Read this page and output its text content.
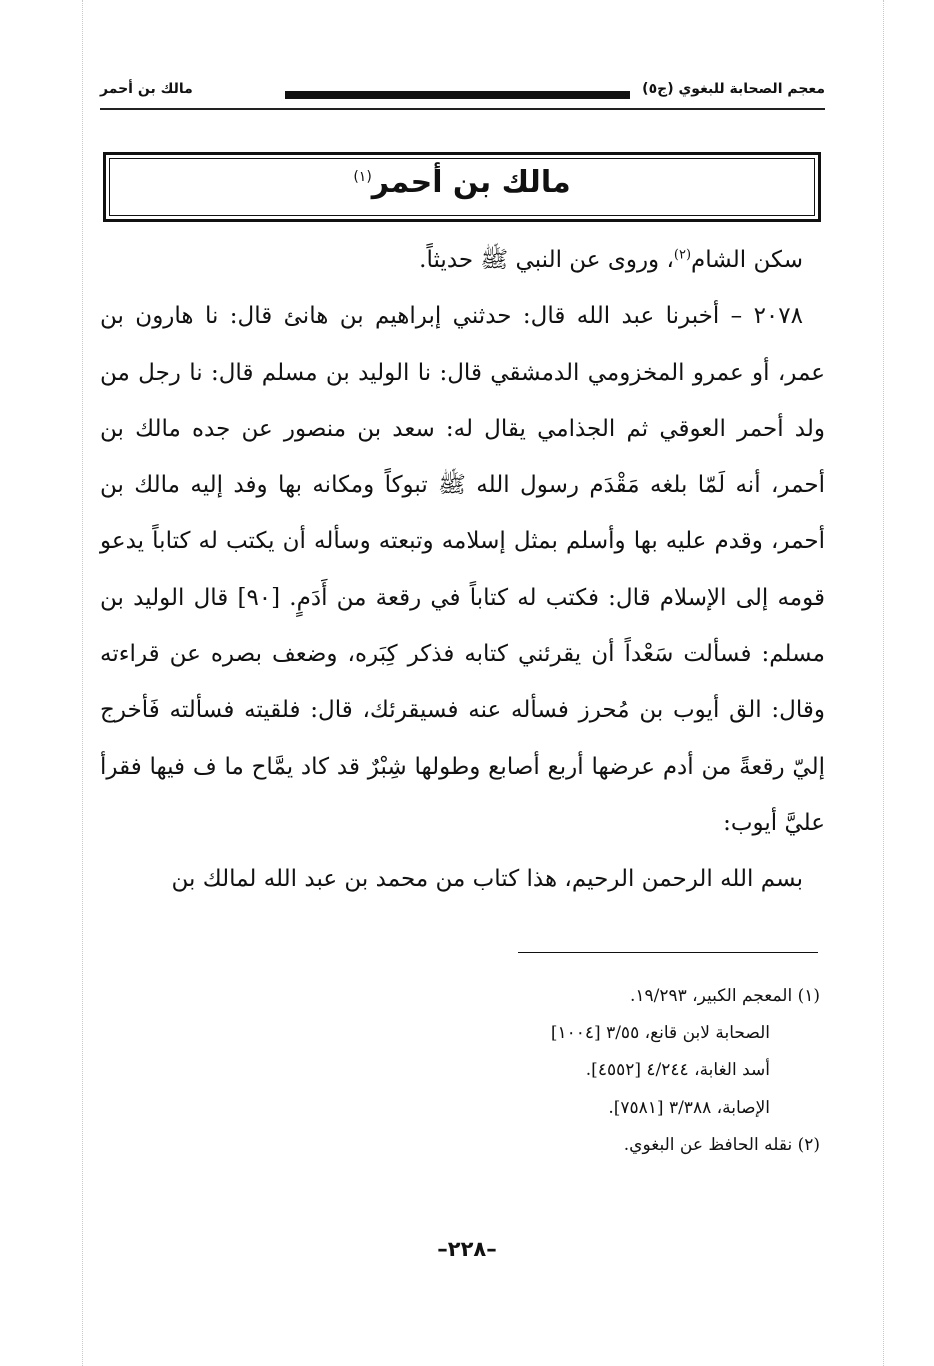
معجم الصحابة للبغوي (ج٥)
مالك بن أحمر
مالك بن أحمر$^{(١)}$

سكن الشام$^{(٢)}$، وروى عن النبي ﷺ حديثاً.

٢٠٧٨ – أخبرنا عبد الله قال: حدثني إبراهيم بن هانئ قال: نا هارون بن عمر، أو عمرو المخزومي الدمشقي قال: نا الوليد بن مسلم قال: نا رجل من ولد أحمر العوقي ثم الجذامي يقال له: سعد بن منصور عن جده مالك بن أحمر، أنه لَمّا بلغه مَقْدَم رسول الله ﷺ تبوكاً ومكانه بها وفد إليه مالك بن أحمر، وقدم عليه بها وأسلم بمثل إسلامه وتبعته وسأله أن يكتب له كتاباً يدعو قومه إلى الإسلام قال: فكتب له كتاباً في رقعة من أَدَمٍ. [٩٠] قال الوليد بن مسلم: فسألت سَعْداً أن يقرئني كتابه فذكر كِبَره، وضعف بصره عن قراءته وقال: الق أيوب بن مُحرز فسأله عنه فسيقرئك، قال: فلقيته فسألته فَأخرج إليّ رقعةً من أدم عرضها أربع أصابع وطولها شِبْرٌ قد كاد يمَّاح ما ف فيها فقرأ عليَّ أيوب:

بسم الله الرحمن الرحيم، هذا كتاب من محمد بن عبد الله لمالك بن

(١) المعجم الكبير، ١٩/٢٩٣.

الصحابة لابن قانع، ٣/٥٥ [١٠٠٤]

أسد الغابة، ٤/٢٤٤ [٤٥٥٢].

الإصابة، ٣/٣٨٨ [٧٥٨١].

(٢) نقله الحافظ عن البغوي.

–٢٢٨–
